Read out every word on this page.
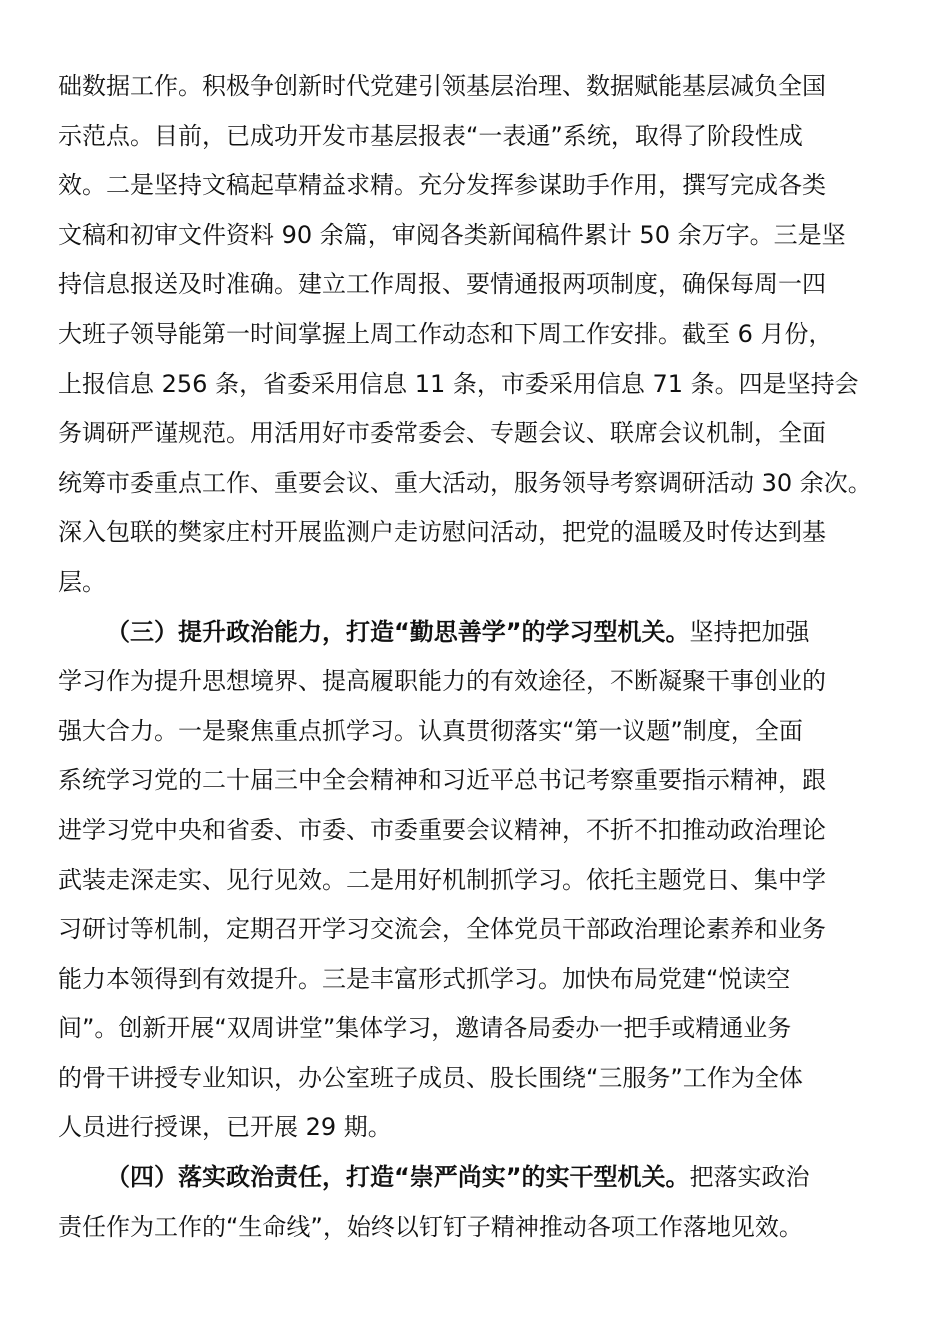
础数据工作。积极争创新时代党建引领基层治理、数据赋能基层减负全国
示范点。目前，已成功开发市基层报表“一表通”系统，取得了阶段性成
效。二是坚持文稿起草精益求精。充分发挥参谋助手作用，撰写完成各类
文稿和初审文件资料 90 余篇，审阅各类新闻稿件累计 50 余万字。三是坚
持信息报送及时准确。建立工作周报、要情通报两项制度，确保每周一四
大班子领导能第一时间掌握上周工作动态和下周工作安排。截至 6 月份，
上报信息 256 条，省委采用信息 11 条，市委采用信息 71 条。四是坚持会
务调研严谨规范。用活用好市委常委会、专题会议、联席会议机制，全面
统筹市委重点工作、重要会议、重大活动，服务领导考察调研活动 30 余次。
深入包联的樊家庄村开展监测户走访慰问活动，把党的温暖及时传达到基
层。
（三）提升政治能力，打造“勤思善学”的学习型机关。坚持把加强
学习作为提升思想境界、提高履职能力的有效途径，不断凝聚干事创业的
强大合力。一是聚焦重点抓学习。认真贯彻落实“第一议题”制度，全面
系统学习党的二十届三中全会精神和习近平总书记考察重要指示精神，跟
进学习党中央和省委、市委、市委重要会议精神，不折不扣推动政治理论
武装走深走实、见行见效。二是用好机制抓学习。依托主题党日、集中学
习研讨等机制，定期召开学习交流会，全体党员干部政治理论素养和业务
能力本领得到有效提升。三是丰富形式抓学习。加快布局党建“悦读空
间”。创新开展“双周讲堂”集体学习，邀请各局委办一把手或精通业务
的骨干讲授专业知识，办公室班子成员、股长围绕“三服务”工作为全体
人员进行授课，已开展 29 期。
（四）落实政治责任，打造“崇严尚实”的实干型机关。把落实政治
责任作为工作的“生命线”，始终以钉钉子精神推动各项工作落地见效。
